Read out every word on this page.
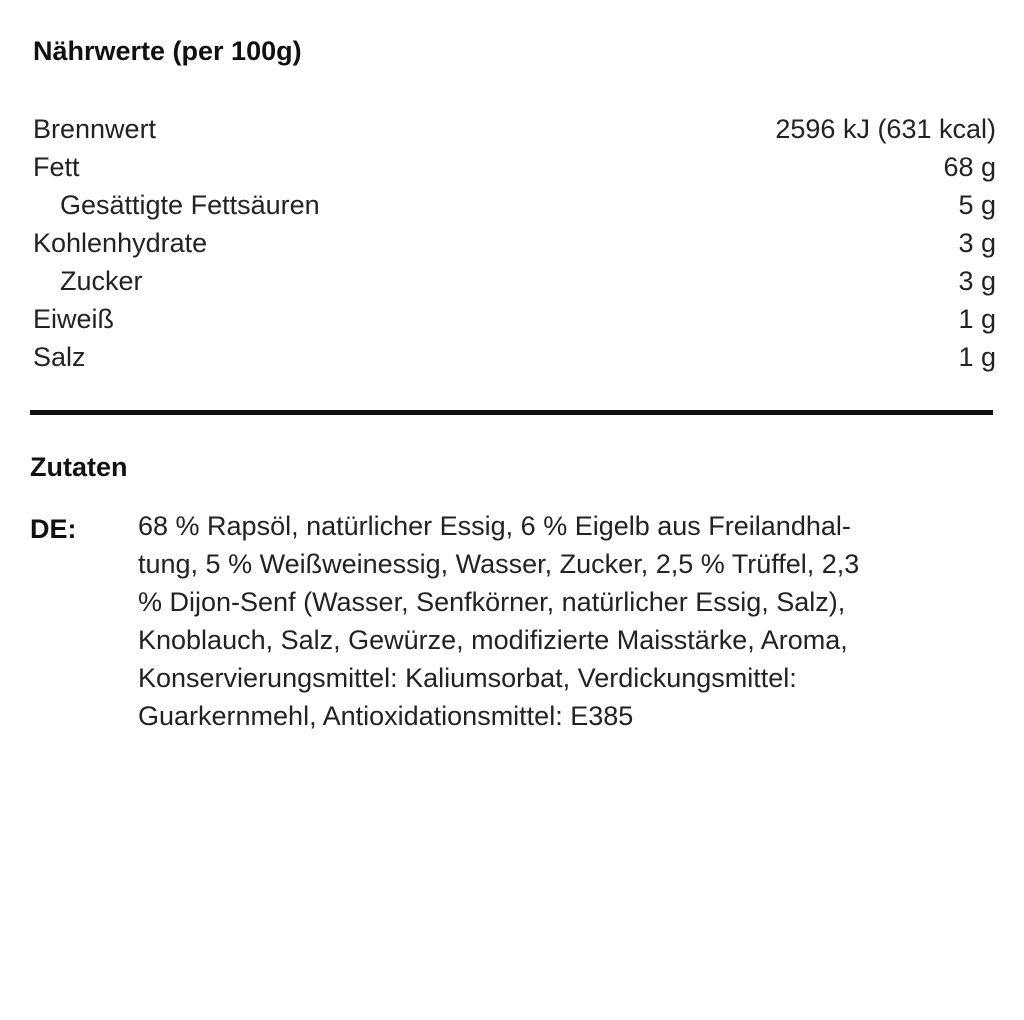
Nährwerte (per 100g)
Brennwert	2596 kJ (631 kcal)
Fett	68 g
Gesättigte Fettsäuren	5 g
Kohlenhydrate	3 g
Zucker	3 g
Eiweiß	1 g
Salz	1 g
Zutaten
DE: 68 % Rapsöl, natürlicher Essig, 6 % Eigelb aus Freilandhal-
tung, 5 % Weißweinessig, Wasser, Zucker, 2,5 % Trüffel, 2,3
% Dijon-Senf (Wasser, Senfkörner, natürlicher Essig, Salz),
Knoblauch, Salz, Gewürze, modifizierte Maisstärke, Aroma,
Konservierungsmittel: Kaliumsorbat, Verdickungsmittel:
Guarkernmehl, Antioxidationsmittel: E385
